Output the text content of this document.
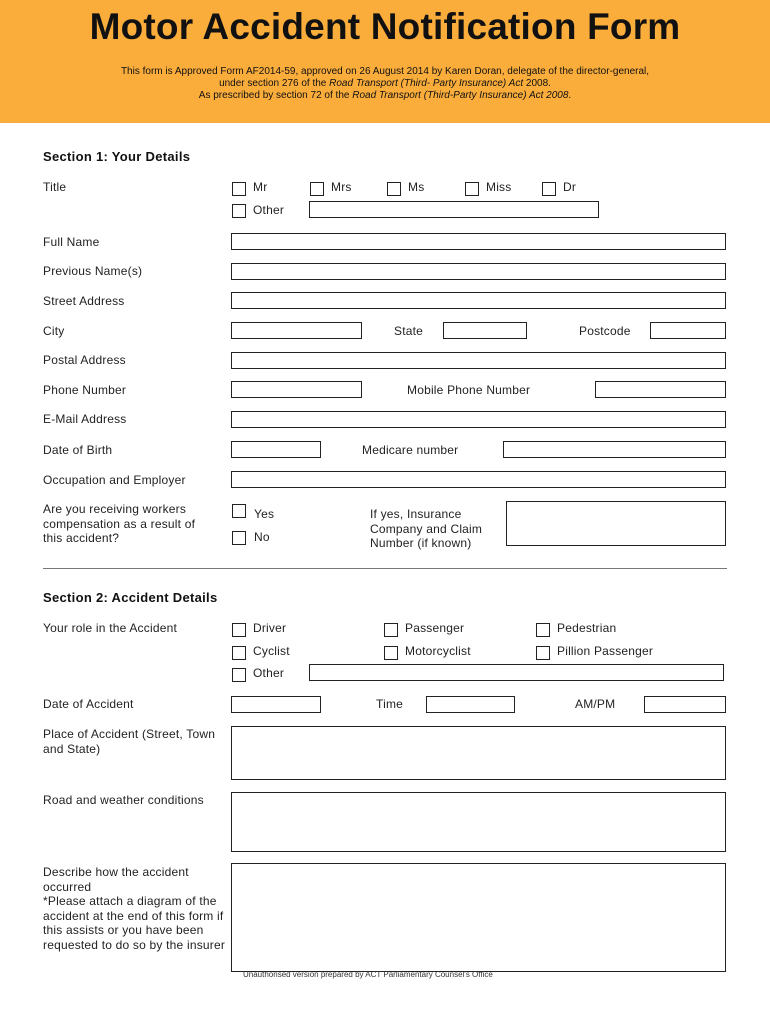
Motor Accident Notification Form
This form is Approved Form AF2014-59, approved on 26 August 2014 by Karen Doran, delegate of the director-general,
under section 276 of the Road Transport (Third- Party Insurance) Act 2008.
As prescribed by section 72 of the Road Transport (Third-Party Insurance) Act 2008.
Section 1: Your Details
Title	Mr	Mrs	Ms	Miss	Dr
Other
Full Name
Previous Name(s)
Street Address
City	State	Postcode
Postal Address
Phone Number	Mobile Phone Number
E-Mail Address
Date of Birth	Medicare number
Occupation and Employer
Are you receiving workers compensation as a result of this accident?
Yes
No
If yes, Insurance Company and Claim Number (if known)
Section 2: Accident Details
Your role in the Accident	Driver	Passenger	Pedestrian
Cyclist	Motorcyclist	Pillion Passenger
Other
Date of Accident	Time	AM/PM
Place of Accident (Street, Town and State)
Road and weather conditions
Describe how the accident occurred
*Please attach a diagram of the accident at the end of this form if this assists or you have been requested to do so by the insurer
Unauthorised version prepared by ACT Parliamentary Counsel's Office
